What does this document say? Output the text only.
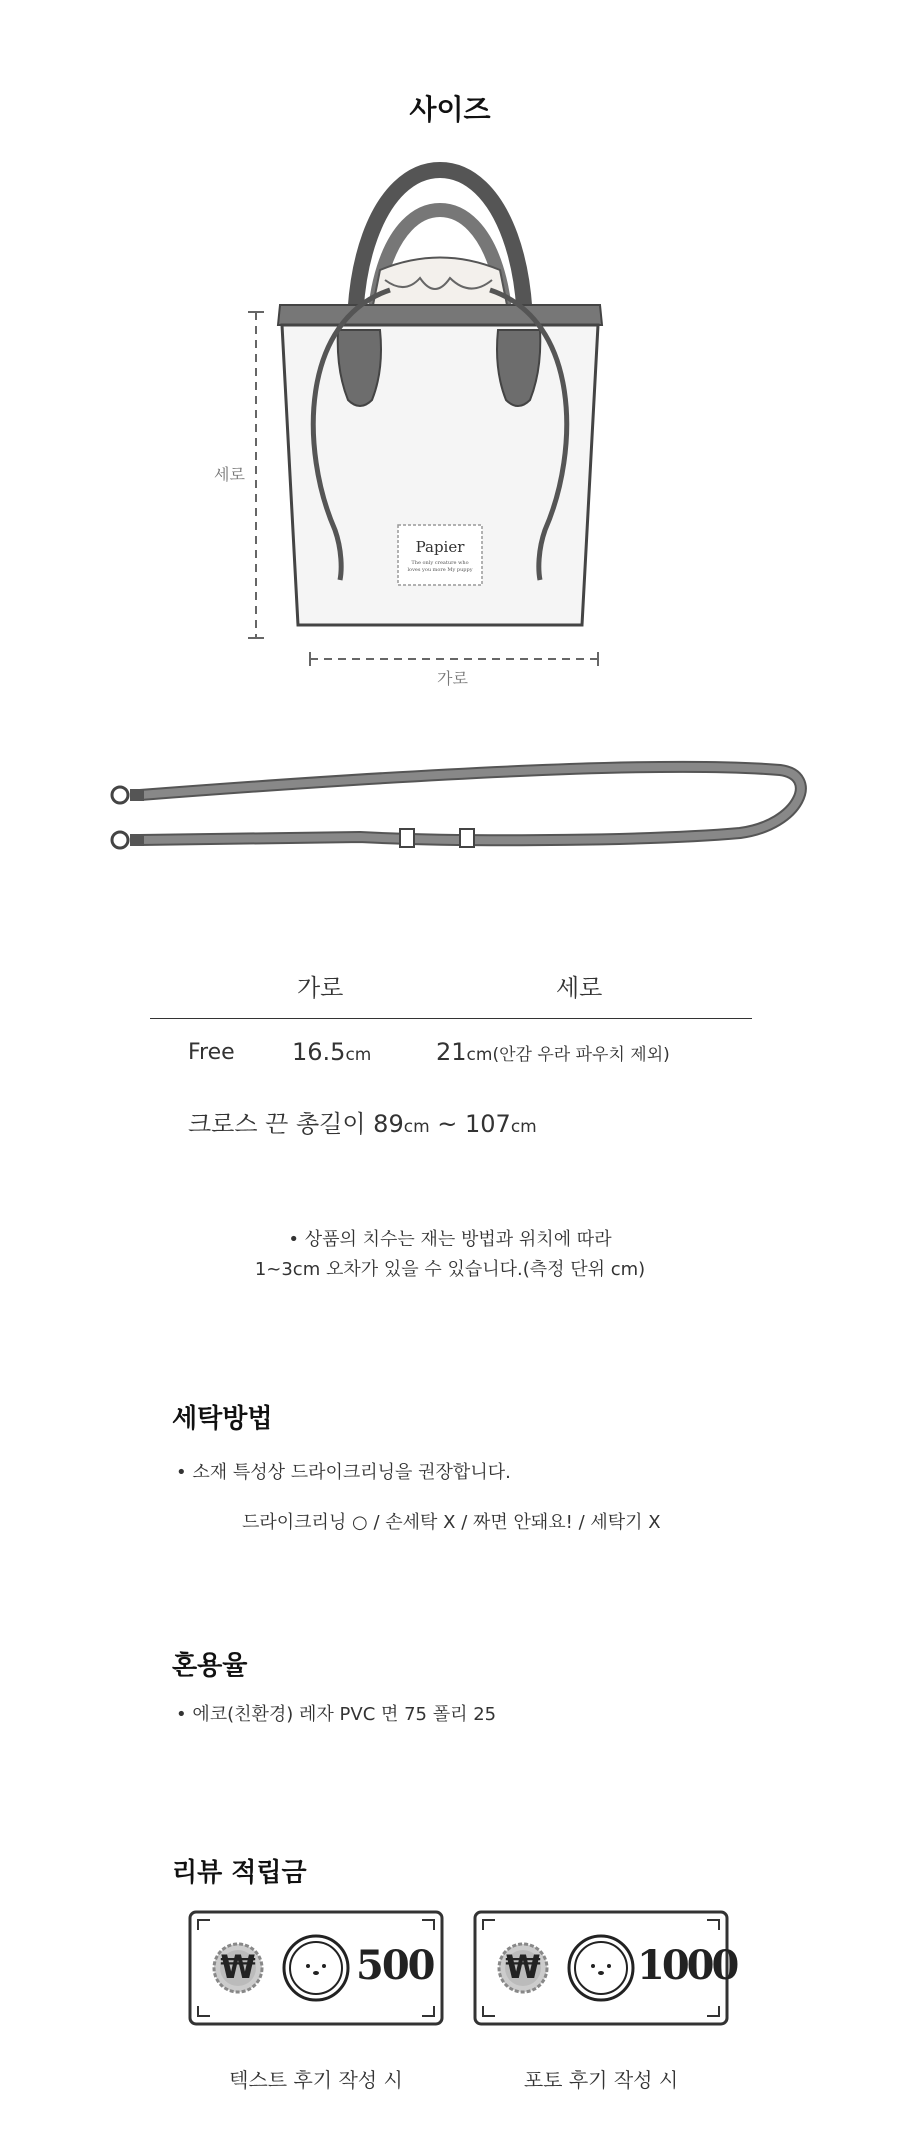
사이즈
Papier
The only creature who
loves you more My puppy
세로
가로
가로	세로
Free 16.5cm	21cm(안감 우라 파우치 제외)
크로스 끈 총길이 89cm ~ 107cm
• 상품의 치수는 재는 방법과 위치에 따라
1~3cm 오차가 있을 수 있습니다.(측정 단위 cm)
세탁방법
• 소재 특성상 드라이크리닝을 권장합니다.
드라이크리닝 ○ / 손세탁 X / 짜면 안돼요! / 세탁기 X
혼용율
• 에코(친환경) 레자 PVC 면 75 폴리 25
리뷰 적립금
₩	500
텍스트 후기 작성 시
₩ 1000
포토 후기 작성 시
